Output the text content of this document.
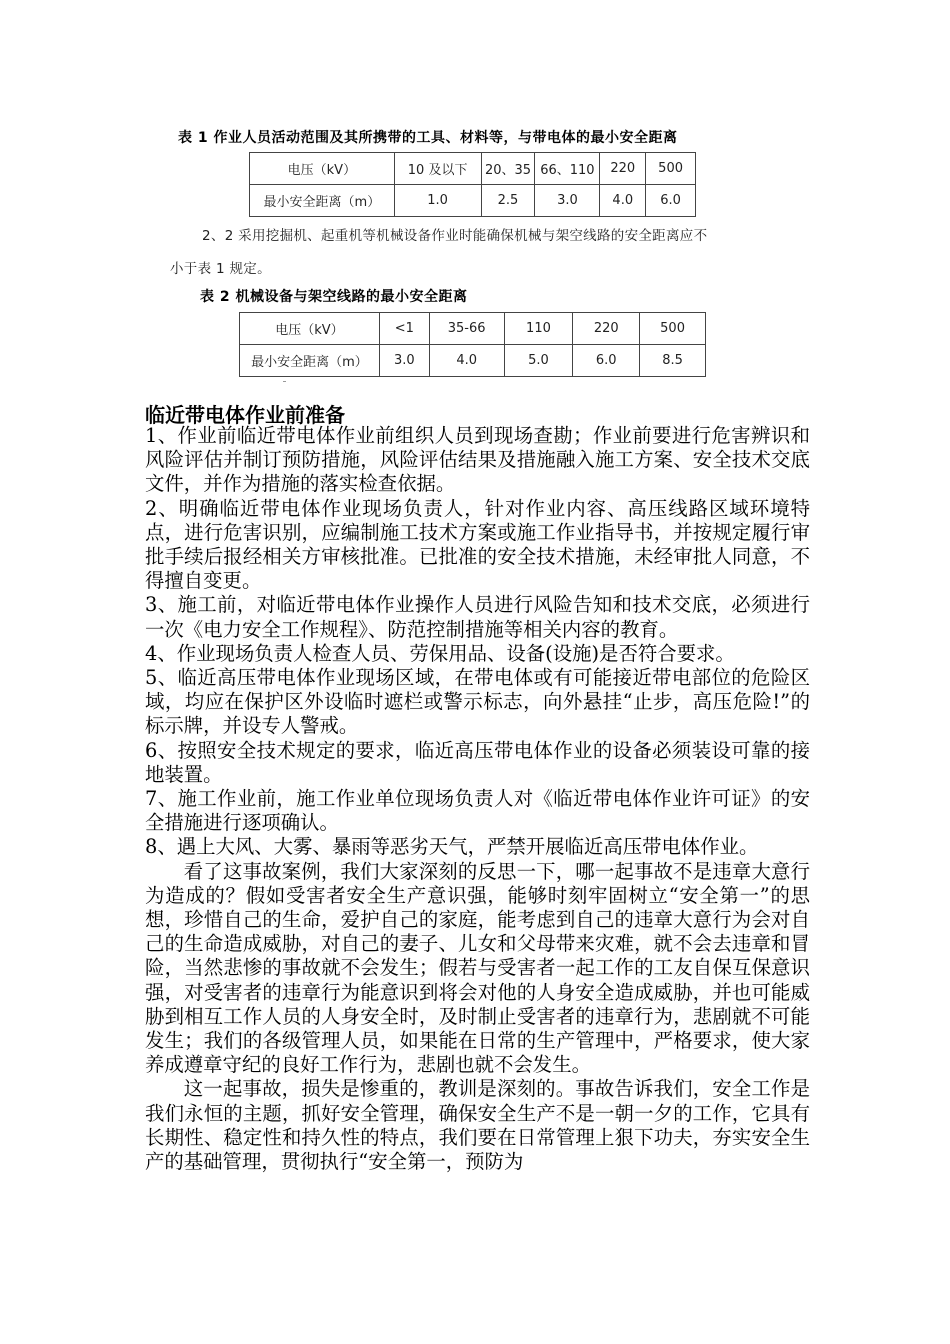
表 1 作业人员活动范围及其所携带的工具、材料等，与带电体的最小安全距离
电压（kV）	10 及以下	20、35	66、110	220	500
最小安全距离（m）	1.0	2.5	3.0	4.0	6.0
2、2 采用挖掘机、起重机等机械设备作业时能确保机械与架空线路的安全距离应不
小于表 1 规定。
表 2 机械设备与架空线路的最小安全距离
电压（kV）	<1	35-66	110	220	500
最小安全距离（m）	3.0	4.0	5.0	6.0	8.5
临近带电体作业前准备

1、作业前临近带电体作业前组织人员到现场查勘；作业前要进行危害辨识和风险评估并制订预防措施，风险评估结果及措施融入施工方案、安全技术交底文件，并作为措施的落实检查依据。

2、明确临近带电体作业现场负责人，针对作业内容、高压线路区域环境特点，进行危害识别，应编制施工技术方案或施工作业指导书，并按规定履行审批手续后报经相关方审核批准。已批准的安全技术措施，未经审批人同意，不得擅自变更。

3、施工前，对临近带电体作业操作人员进行风险告知和技术交底，必须进行一次《电力安全工作规程》、防范控制措施等相关内容的教育。

4、作业现场负责人检查人员、劳保用品、设备(设施)是否符合要求。

5、临近高压带电体作业现场区域，在带电体或有可能接近带电部位的危险区域，均应在保护区外设临时遮栏或警示标志，向外悬挂“止步，高压危险!”的标示牌，并设专人警戒。

6、按照安全技术规定的要求，临近高压带电体作业的设备必须装设可靠的接地装置。

7、施工作业前，施工作业单位现场负责人对《临近带电体作业许可证》的安全措施进行逐项确认。

8、遇上大风、大雾、暴雨等恶劣天气，严禁开展临近高压带电体作业。

看了这事故案例，我们大家深刻的反思一下，哪一起事故不是违章大意行为造成的？假如受害者安全生产意识强，能够时刻牢固树立“安全第一”的思想，珍惜自己的生命，爱护自己的家庭，能考虑到自己的违章大意行为会对自己的生命造成威胁，对自己的妻子、儿女和父母带来灾难，就不会去违章和冒险，当然悲惨的事故就不会发生；假若与受害者一起工作的工友自保互保意识强，对受害者的违章行为能意识到将会对他的人身安全造成威胁，并也可能威胁到相互工作人员的人身安全时，及时制止受害者的违章行为，悲剧就不可能发生；我们的各级管理人员，如果能在日常的生产管理中，严格要求，使大家养成遵章守纪的良好工作行为，悲剧也就不会发生。

这一起事故，损失是惨重的，教训是深刻的。事故告诉我们，安全工作是我们永恒的主题，抓好安全管理，确保安全生产不是一朝一夕的工作，它具有长期性、稳定性和持久性的特点，我们要在日常管理上狠下功夫，夯实安全生产的基础管理，贯彻执行“安全第一，预防为
